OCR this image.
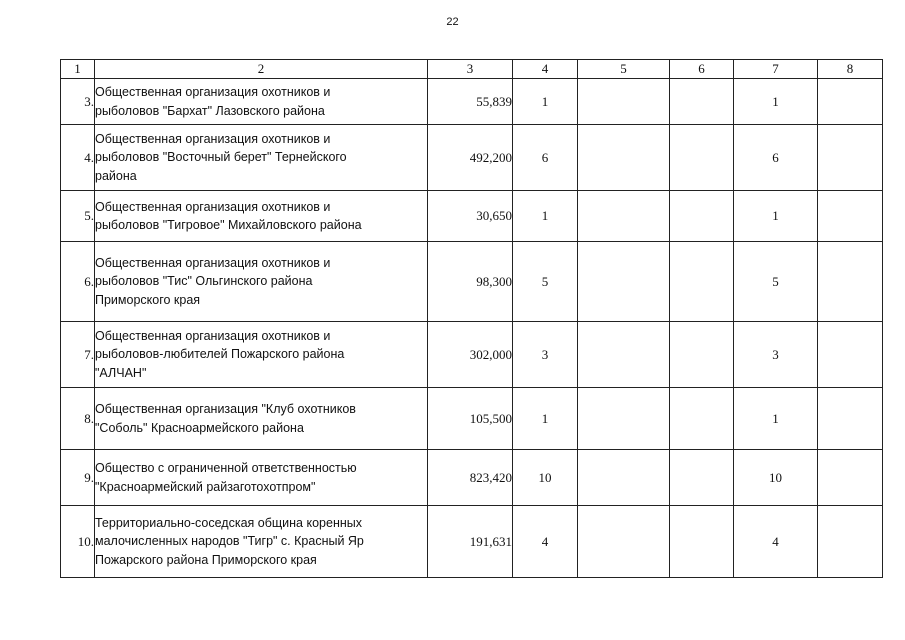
22
1	2	3	4	5	6	7	8
3.	Общественная организация охотников и
рыболовов "Бархат" Лазовского района	55,839	1			1	
4.	Общественная организация охотников и
рыболовов "Восточный берет" Тернейского
района	492,200	6			6	
5.	Общественная организация охотников и
рыболовов "Тигровое" Михайловского района	30,650	1			1	
6.	Общественная организация охотников и
рыболовов "Тис" Ольгинского района
Приморского края	98,300	5			5	
7.	Общественная организация охотников и
рыболовов-любителей Пожарского района
"АЛЧАН"	302,000	3			3	
8.	Общественная организация "Клуб охотников
"Соболь" Красноармейского района	105,500	1			1	
9.	Общество с ограниченной ответственностью
"Красноармейский райзаготохотпром"	823,420	10			10	
10.	Территориально-соседская община коренных
малочисленных народов "Тигр" с. Красный Яр
Пожарского района Приморского края	191,631	4			4	
